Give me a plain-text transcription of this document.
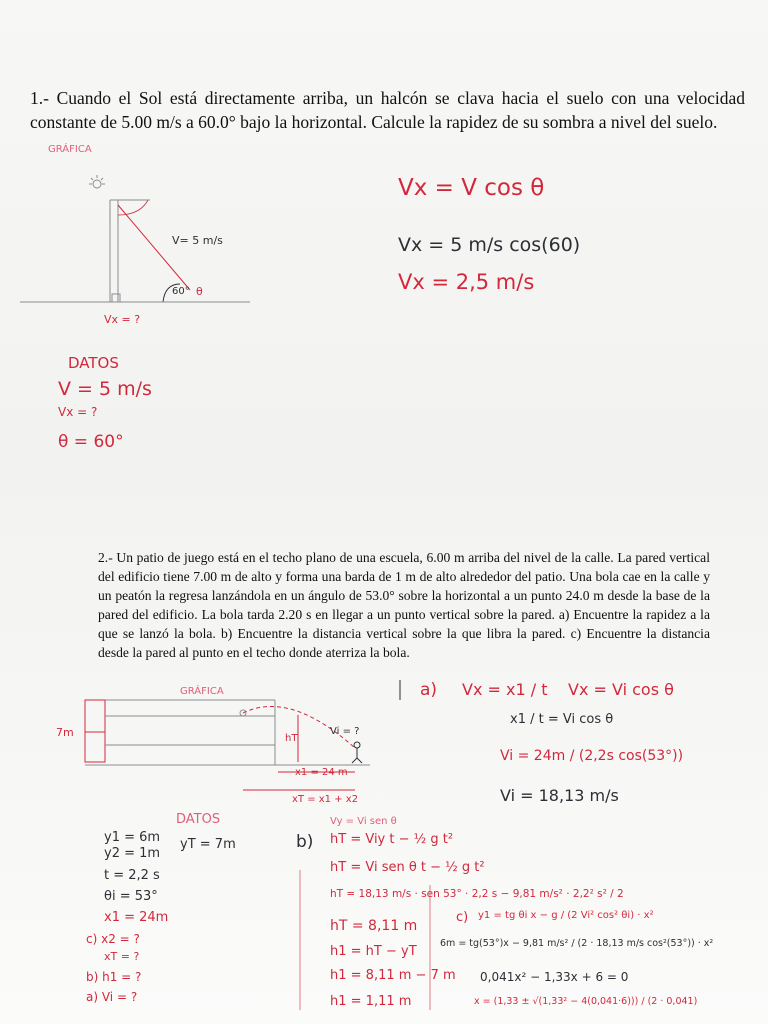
1.- Cuando el Sol está directamente arriba, un halcón se clava hacia el suelo con una velocidad constante de 5.00 m/s a 60.0° bajo la horizontal. Calcule la rapidez de su sombra a nivel del suelo.
2.- Un patio de juego está en el techo plano de una escuela, 6.00 m arriba del nivel de la calle. La pared vertical del edificio tiene 7.00 m de alto y forma una barda de 1 m de alto alrededor del patio. Una bola cae en la calle y un peatón la regresa lanzándola en un ángulo de 53.0° sobre la horizontal a un punto 24.0 m desde la base de la pared del edificio. La bola tarda 2.20 s en llegar a un punto vertical sobre la pared. a) Encuentre la rapidez a la que se lanzó la bola. b) Encuentre la distancia vertical sobre la que libra la pared. c) Encuentre la distancia desde la pared al punto en el techo donde aterriza la bola.
GRÁFICA
V= 5 m/s
60° θ
Vx = ?
Vx = V cos θ
Vx = 5 m/s cos(60)
Vx = 2,5 m/s
DATOS
V = 5 m/s
Vx = ?
θ = 60°
GRÁFICA
7m	hT
Vi = ?
x1 = 24 m
xT = x1 + x2
a) Vx = x1 / t Vx = Vi cos θ
x1 / t = Vi cos θ
Vi = 24m / (2,2s cos(53°))
Vi = 18,13 m/s
DATOS
y1 = 6m yT = 7m
y2 = 1m
t = 2,2 s
θi = 53°
x1 = 24m
c) x2 = ?
xT = ?
b) h1 = ?
a) Vi = ?
Vy = Vi sen θ
b) hT = Viy t − ½ g t²
hT = Vi sen θ t − ½ g t²
hT = 18,13 m/s · sen 53° · 2,2 s − 9,81 m/s² · 2,2² s² / 2
hT = 8,11 m
h1 = hT − yT
h1 = 8,11 m − 7 m
h1 = 1,11 m
c) y1 = tg θi x − g / (2 Vi² cos² θi) · x²
6m = tg(53°)x − 9,81 m/s² / (2 · 18,13 m/s cos²(53°)) · x²
0,041x² − 1,33x + 6 = 0
x = (1,33 ± √(1,33² − 4(0,041·6))) / (2 · 0,041)
